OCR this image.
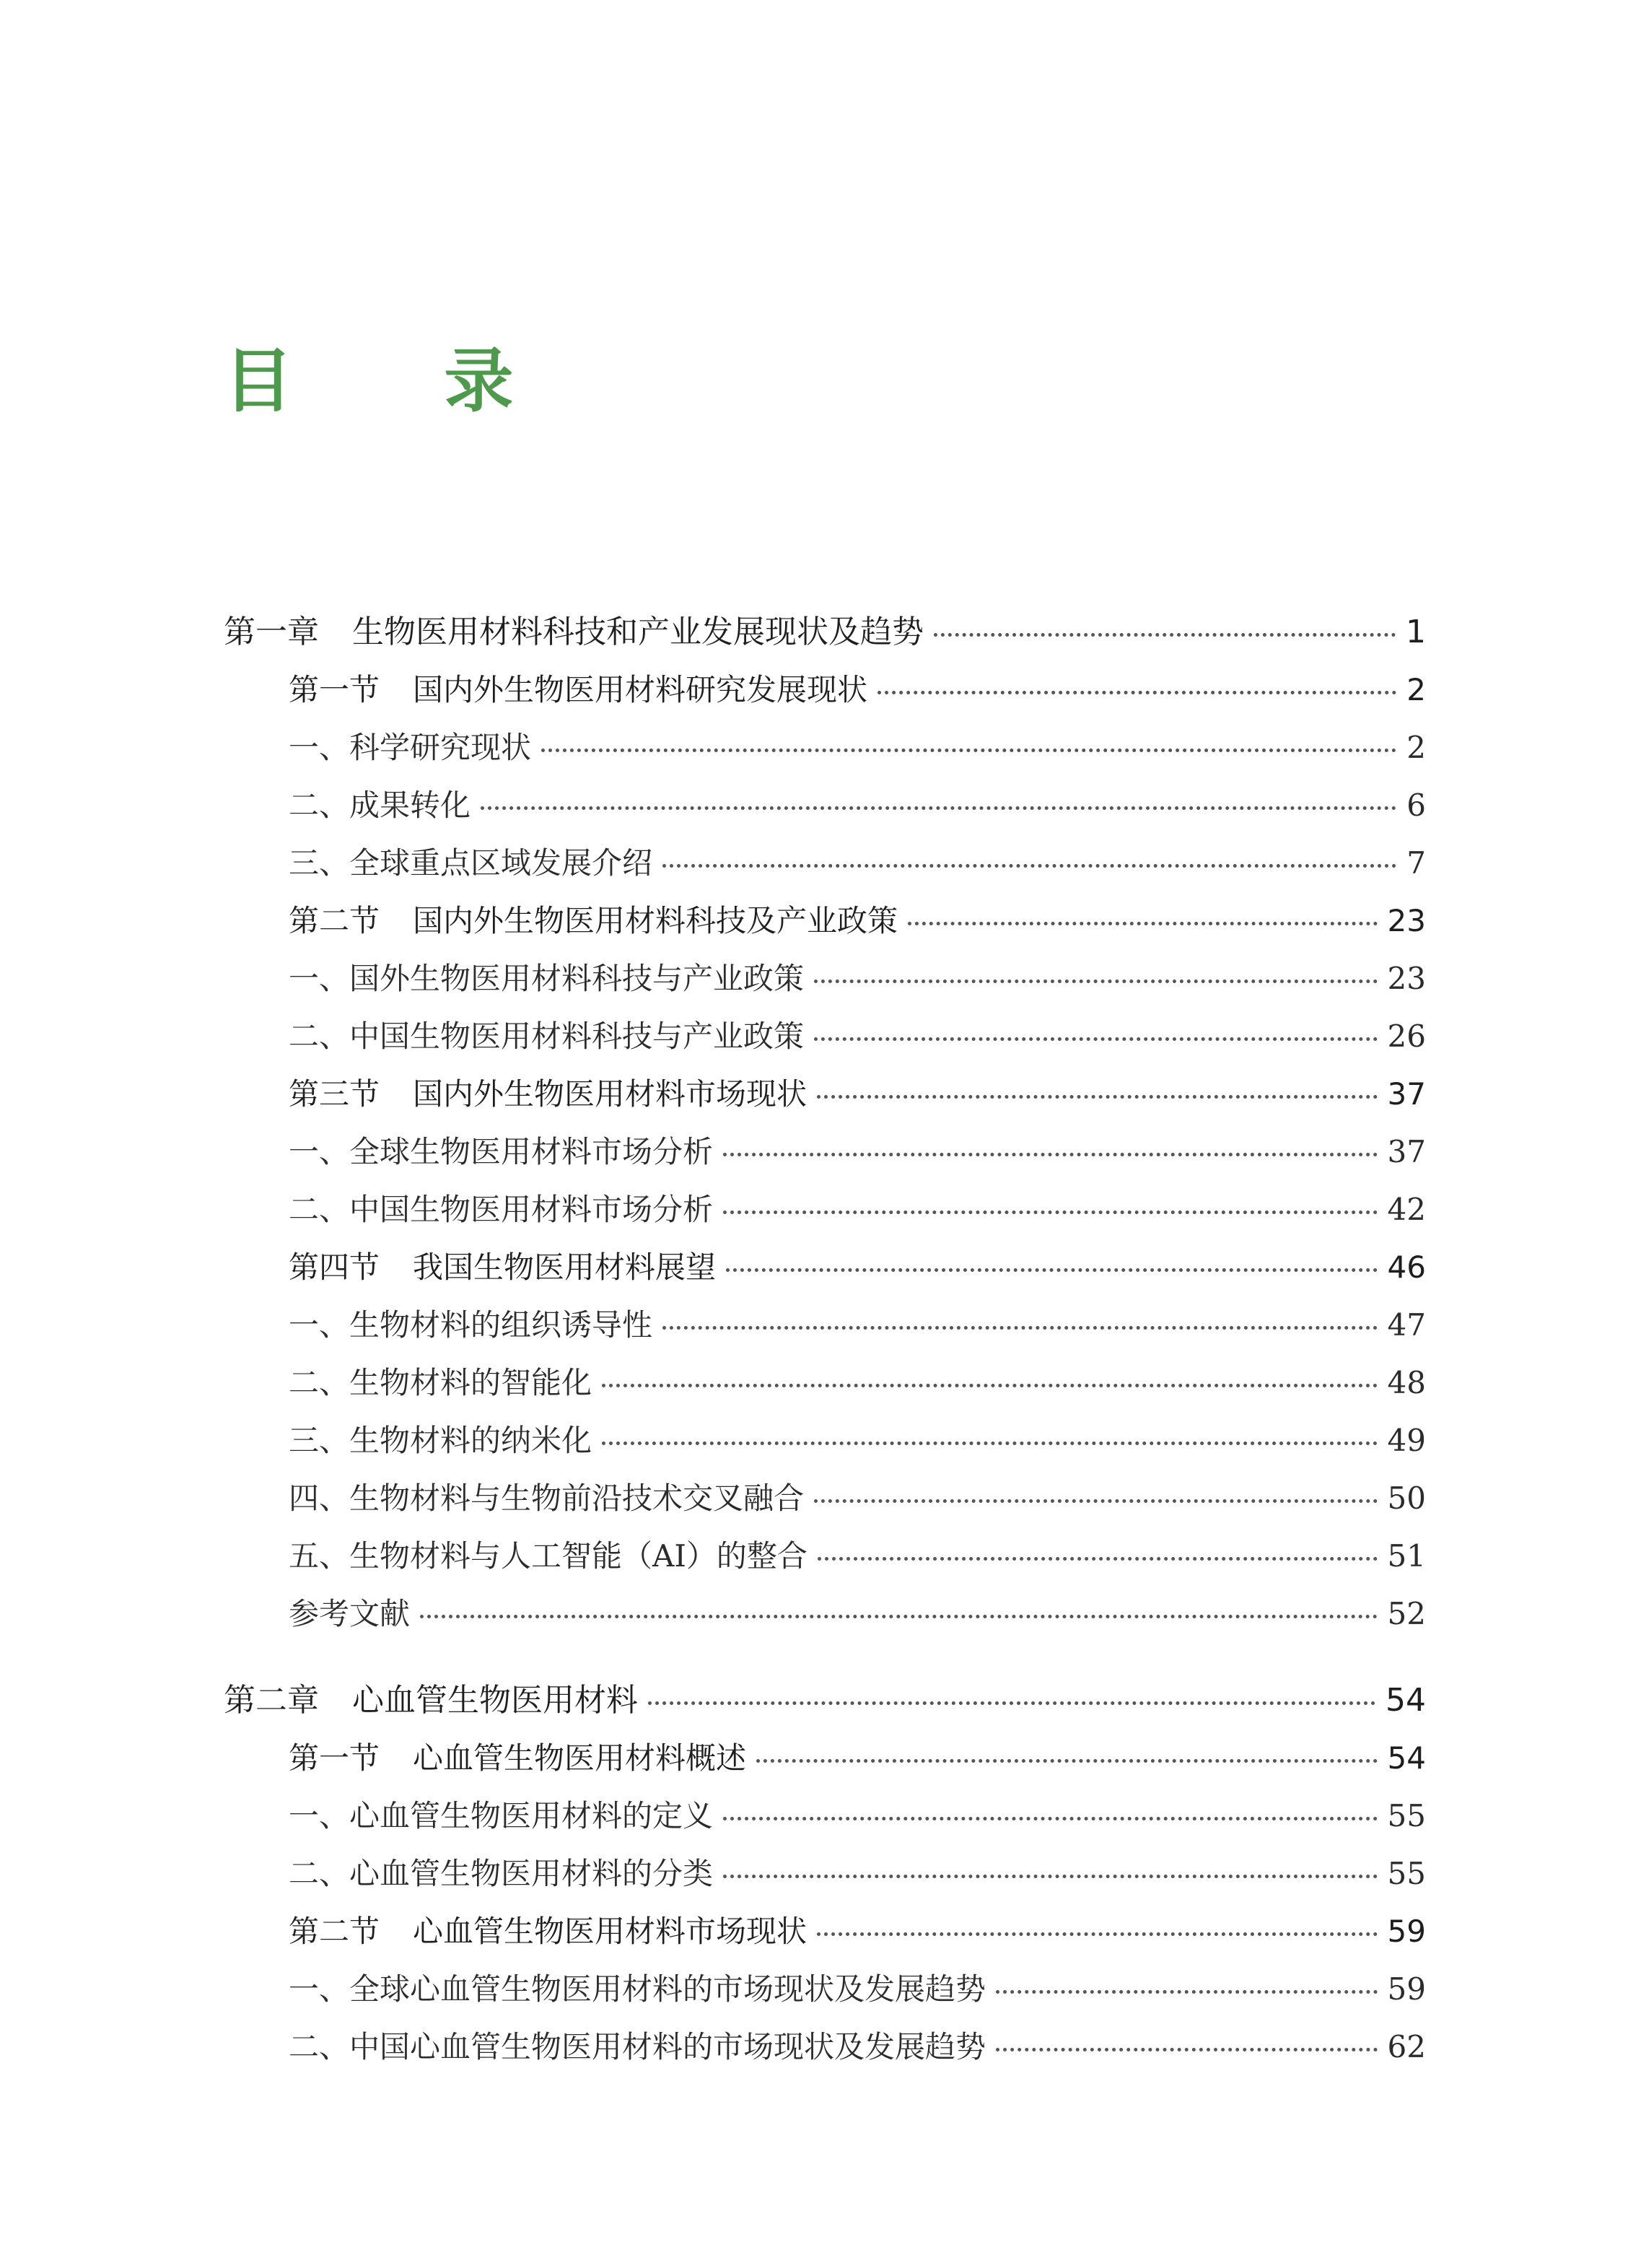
目 录
第一章 生物医用材料科技和产业发展现状及趋势	1
第一节 国内外生物医用材料研究发展现状	2
一、科学研究现状	2
二、成果转化	6
三、全球重点区域发展介绍	7
第二节 国内外生物医用材料科技及产业政策	23
一、国外生物医用材料科技与产业政策	23
二、中国生物医用材料科技与产业政策	26
第三节 国内外生物医用材料市场现状	37
一、全球生物医用材料市场分析	37
二、中国生物医用材料市场分析	42
第四节 我国生物医用材料展望	46
一、生物材料的组织诱导性	47
二、生物材料的智能化	48
三、生物材料的纳米化	49
四、生物材料与生物前沿技术交叉融合	50
五、生物材料与人工智能（AI）的整合	51
参考文献	52
第二章 心血管生物医用材料	54
第一节 心血管生物医用材料概述	54
一、心血管生物医用材料的定义	55
二、心血管生物医用材料的分类	55
第二节 心血管生物医用材料市场现状	59
一、全球心血管生物医用材料的市场现状及发展趋势	59
二、中国心血管生物医用材料的市场现状及发展趋势	62
